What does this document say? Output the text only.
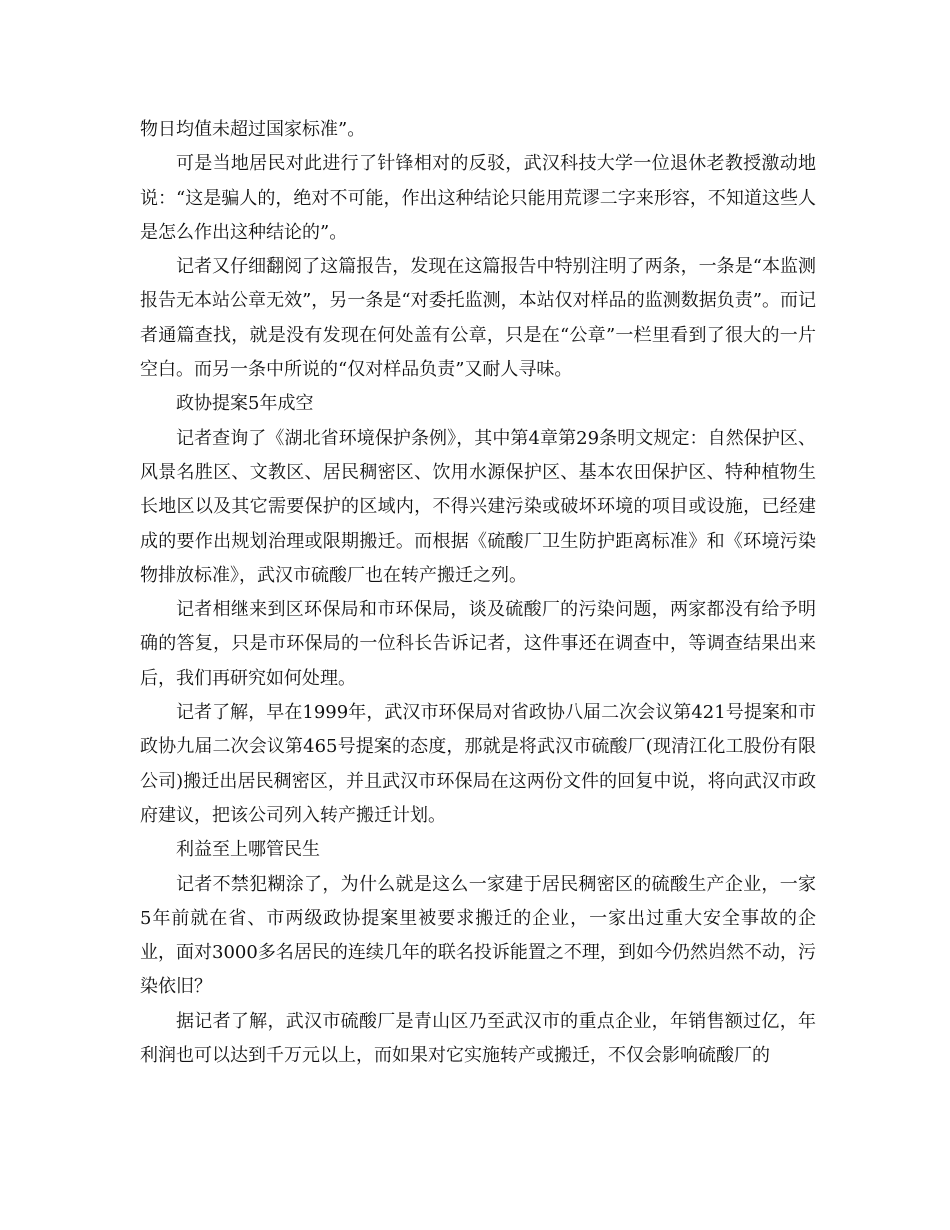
物日均值未超过国家标准”。

可是当地居民对此进行了针锋相对的反驳，武汉科技大学一位退休老教授激动地说：“这是骗人的，绝对不可能，作出这种结论只能用荒谬二字来形容，不知道这些人是怎么作出这种结论的”。

记者又仔细翻阅了这篇报告，发现在这篇报告中特别注明了两条，一条是“本监测报告无本站公章无效”，另一条是“对委托监测，本站仅对样品的监测数据负责”。而记者通篇查找，就是没有发现在何处盖有公章，只是在“公章”一栏里看到了很大的一片空白。而另一条中所说的“仅对样品负责”又耐人寻味。

政协提案5年成空

记者查询了《湖北省环境保护条例》，其中第4章第29条明文规定：自然保护区、风景名胜区、文教区、居民稠密区、饮用水源保护区、基本农田保护区、特种植物生长地区以及其它需要保护的区域内，不得兴建污染或破坏环境的项目或设施，已经建成的要作出规划治理或限期搬迁。而根据《硫酸厂卫生防护距离标准》和《环境污染物排放标准》，武汉市硫酸厂也在转产搬迁之列。

记者相继来到区环保局和市环保局，谈及硫酸厂的污染问题，两家都没有给予明确的答复，只是市环保局的一位科长告诉记者，这件事还在调查中，等调查结果出来后，我们再研究如何处理。

记者了解，早在1999年，武汉市环保局对省政协八届二次会议第421号提案和市政协九届二次会议第465号提案的态度，那就是将武汉市硫酸厂(现清江化工股份有限公司)搬迁出居民稠密区，并且武汉市环保局在这两份文件的回复中说，将向武汉市政府建议，把该公司列入转产搬迁计划。

利益至上哪管民生

记者不禁犯糊涂了，为什么就是这么一家建于居民稠密区的硫酸生产企业，一家5年前就在省、市两级政协提案里被要求搬迁的企业，一家出过重大安全事故的企业，面对3000多名居民的连续几年的联名投诉能置之不理，到如今仍然岿然不动，污染依旧？

据记者了解，武汉市硫酸厂是青山区乃至武汉市的重点企业，年销售额过亿，年利润也可以达到千万元以上，而如果对它实施转产或搬迁，不仅会影响硫酸厂的
